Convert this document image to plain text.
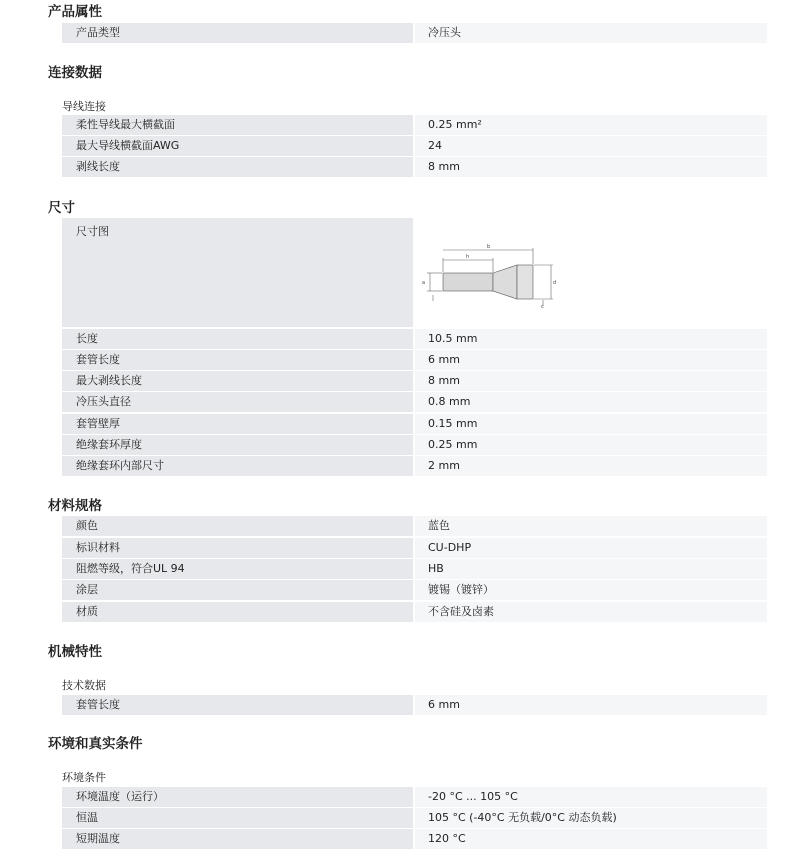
产品属性
产品类型	冷压头
连接数据
导线连接
柔性导线最大横截面	0.25 mm²
最大导线横截面AWG	24
剥线长度	8 mm
尺寸
尺寸图
b
h
a	d
c
长度	10.5 mm
套管长度	6 mm
最大剥线长度	8 mm
冷压头直径	0.8 mm
套管壁厚	0.15 mm
绝缘套环厚度	0.25 mm
绝缘套环内部尺寸	2 mm
材料规格
颜色	蓝色
标识材料	CU-DHP
阻燃等级，符合UL 94	HB
涂层	镀锡（镀锌）
材质	不含硅及卤素
机械特性
技术数据
套管长度	6 mm
环境和真实条件
环境条件
环境温度（运行）	-20 °C ... 105 °C
恒温	105 °C (-40°C 无负载/0°C 动态负载)
短期温度	120 °C
